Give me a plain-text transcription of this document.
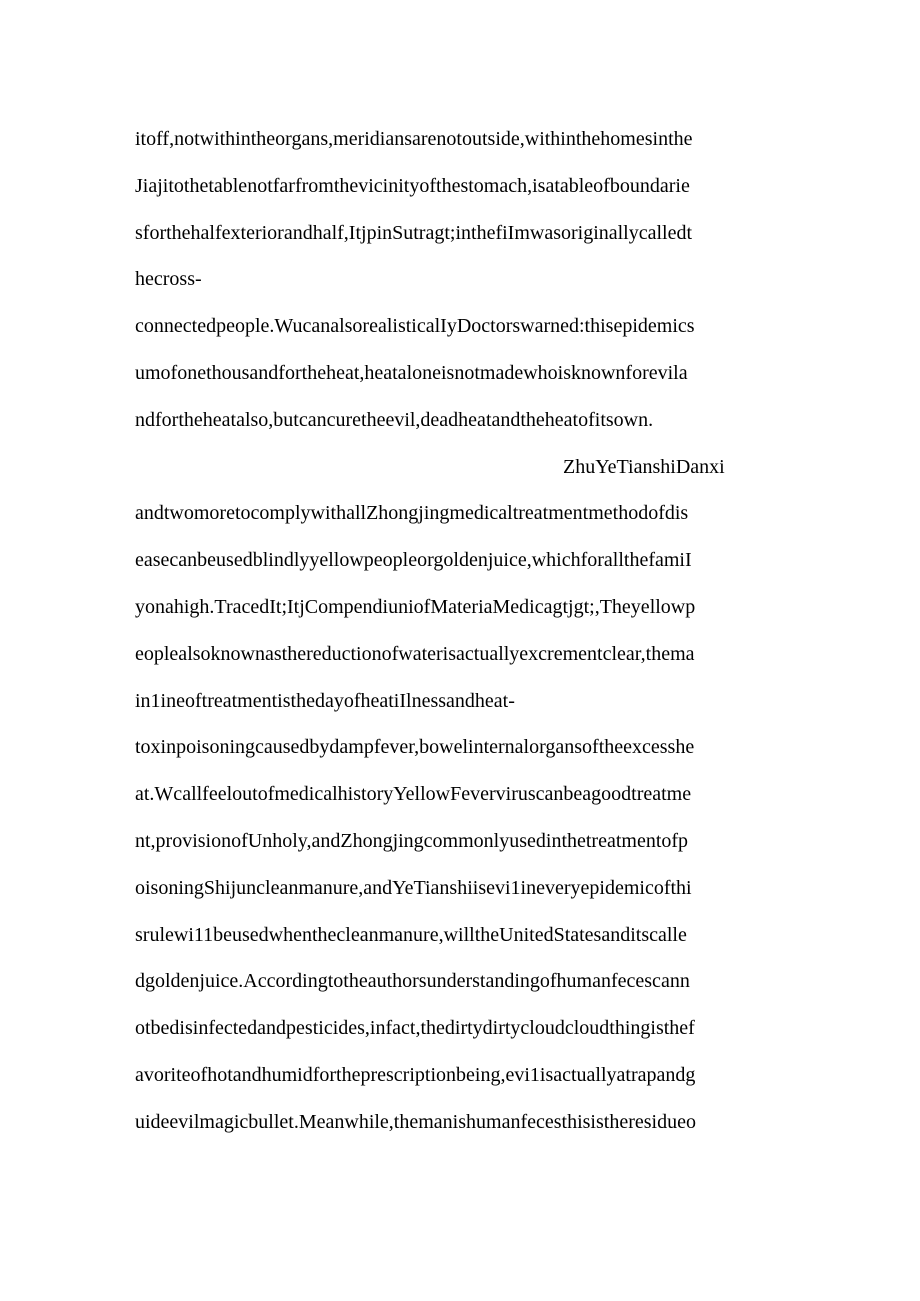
itoff,notwithintheorgans,meridiansarenotoutside,withinthehomesinthe
Jiajitothetablenotfarfromthevicinityofthestomach,isatableofboundarie
sforthehalfexteriorandhalf,ItjpinSutragt;inthefiImwasoriginallycalledt
hecross-
connectedpeople.WucanalsorealisticalIyDoctorswarned:thisepidemics
umofonethousandfortheheat,heataloneisnotmadewhoisknownforevila
ndfortheheatalso,butcancuretheevil,deadheatandtheheatofitsown.
ZhuYeTianshiDanxi
andtwomoretocomplywithallZhongjingmedicaltreatmentmethodofdis
easecanbeusedblindlyyellowpeopleorgoldenjuice,whichforallthefamiI
yonahigh.TracedIt;ItjCompendiuniofMateriaMedicagtjgt;,Theyellowp
eoplealsoknownasthereductionofwaterisactuallyexcrementclear,thema
in1ineoftreatmentisthedayofheatiIlnessandheat-
toxinpoisoningcausedbydampfever,bowelinternalorgansoftheexcesshe
at.WcallfeeloutofmedicalhistoryYellowFeverviruscanbeagoodtreatme
nt,provisionofUnholy,andZhongjingcommonlyusedinthetreatmentofp
oisoningShijuncleanmanure,andYeTianshiisevi1ineveryepidemicofthi
srulewi11beusedwhenthecleanmanure,willtheUnitedStatesanditscalle
dgoldenjuice.Accordingtotheauthorsunderstandingofhumanfecescann
otbedisinfectedandpesticides,infact,thedirtydirtycloudcloudthingisthef
avoriteofhotandhumidfortheprescriptionbeing,evi1isactuallyatrapandg
uideevilmagicbullet.Meanwhile,themanishumanfecesthisistheresidueo
